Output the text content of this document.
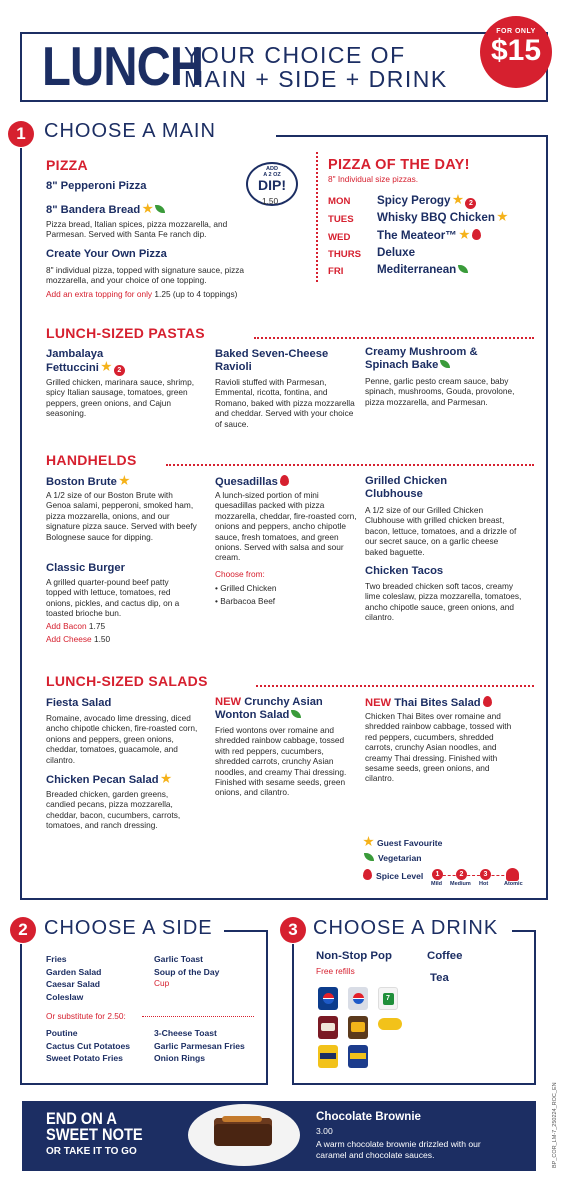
LUNCH
YOUR CHOICE OF
MAIN + SIDE + DRINK
FOR ONLY
$15
1 CHOOSE A MAIN
PIZZA
8" Pepperoni Pizza
8" Bandera Bread
Pizza bread, Italian spices, pizza mozzarella, and Parmesan. Served with Santa Fe ranch dip.
Create Your Own Pizza
8" individual pizza, topped with signature sauce, pizza mozzarella, and your choice of one topping.
Add an extra topping for only 1.25 (up to 4 toppings)
ADD
A 2 OZ
DIP!
1.50
PIZZA OF THE DAY!
8" Individual size pizzas.
MON Spicy Perogy	2
TUES Whisky BBQ Chicken
WED The Meateor™
THURS Deluxe
FRI	Mediterranean
LUNCH-SIZED PASTAS
Jambalaya
Fettuccini	2
Grilled chicken, marinara sauce, shrimp, spicy Italian sausage, tomatoes, green peppers, green onions, and Cajun seasoning.
Baked Seven-Cheese
Ravioli
Ravioli stuffed with Parmesan, Emmental, ricotta, fontina, and Romano, baked with pizza mozzarella and cheddar. Served with your choice of sauce.
Creamy Mushroom &
Spinach Bake
Penne, garlic pesto cream sauce, baby spinach, mushrooms, Gouda, provolone, pizza mozzarella, and Parmesan.
HANDHELDS
Boston Brute
A 1/2 size of our Boston Brute with Genoa salami, pepperoni, smoked ham, pizza mozzarella, onions, and our signature pizza sauce. Served with beefy Bolognese sauce for dipping.
Classic Burger
A grilled quarter-pound beef patty topped with lettuce, tomatoes, red onions, pickles, and cactus dip, on a toasted brioche bun.
Add Bacon 1.75
Add Cheese 1.50
Quesadillas
A lunch-sized portion of mini quesadillas packed with pizza mozzarella, cheddar, fire-roasted corn, onions and peppers, ancho chipotle sauce, fresh tomatoes, and green onions. Served with salsa and sour cream.
Choose from:
• Grilled Chicken
• Barbacoa Beef
Grilled Chicken
Clubhouse
A 1/2 size of our Grilled Chicken Clubhouse with grilled chicken breast, bacon, lettuce, tomatoes, and a drizzle of our secret sauce, on a garlic cheese baked baguette.
Chicken Tacos
Two breaded chicken soft tacos, creamy lime coleslaw, pizza mozzarella, tomatoes, ancho chipotle sauce, green onions, and cilantro.
LUNCH-SIZED SALADS
Fiesta Salad
Romaine, avocado lime dressing, diced ancho chipotle chicken, fire-roasted corn, onions and peppers, green onions, cheddar, tomatoes, guacamole, and cilantro.
Chicken Pecan Salad
Breaded chicken, garden greens, candied pecans, pizza mozzarella, cheddar, bacon, cucumbers, carrots, tomatoes, and ranch dressing.
NEW Crunchy Asian
Wonton Salad
Fried wontons over romaine and shredded rainbow cabbage, tossed with red peppers, cucumbers, shredded carrots, crunchy Asian noodles, and creamy Thai dressing. Finished with sesame seeds, green onions, and cilantro.
NEW Thai Bites Salad
Chicken Thai Bites over romaine and shredded rainbow cabbage, tossed with red peppers, cucumbers, shredded carrots, crunchy Asian noodles, and creamy Thai dressing. Finished with sesame seeds, green onions, and cilantro.
Guest Favourite
Vegetarian
Spice Level	1	2	3
Mild Medium Hot	Atomic
2 CHOOSE A SIDE
Fries
Garden Salad
Caesar Salad
Coleslaw
Garlic Toast
Soup of the Day
Cup
Or substitute for 2.50:
Poutine
Cactus Cut Potatoes
Sweet Potato Fries
3-Cheese Toast
Garlic Parmesan Fries
Onion Rings
3 CHOOSE A DRINK
Non-Stop Pop
Free refills
Coffee
Tea
7
END ON A
SWEET NOTE
OR TAKE IT TO GO
Chocolate Brownie
3.00
A warm chocolate brownie drizzled with our caramel and chocolate sauces.	BP_COR_LM-7_250224_ROC_EN
